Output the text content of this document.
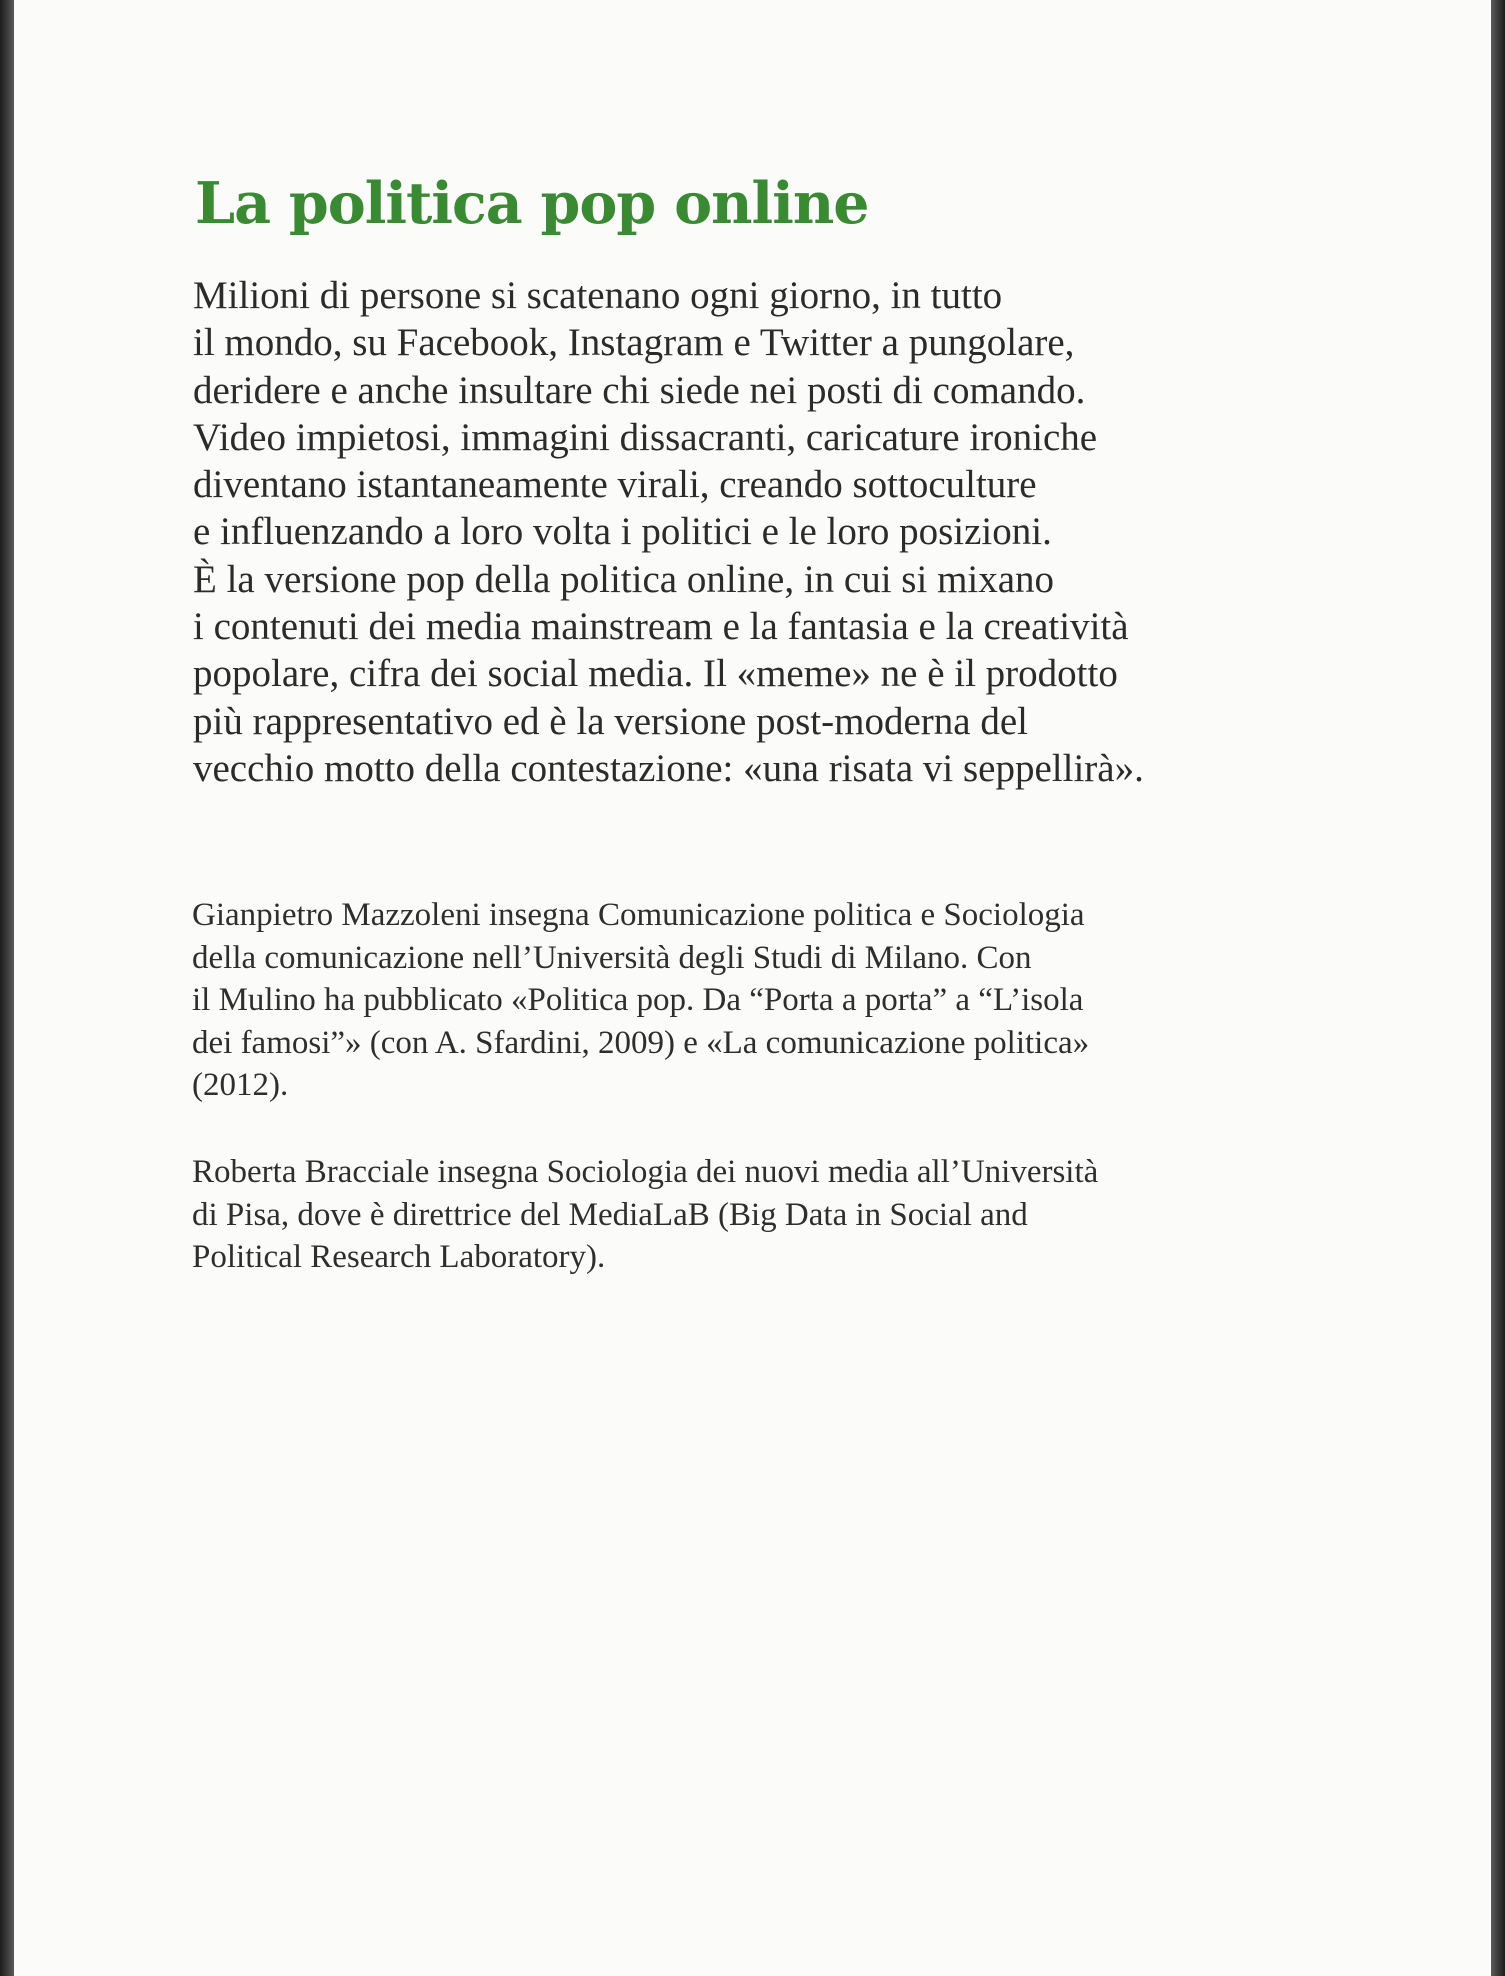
La politica pop online
Milioni di persone si scatenano ogni giorno, in tutto
il mondo, su Facebook, Instagram e Twitter a pungolare,
deridere e anche insultare chi siede nei posti di comando.
Video impietosi, immagini dissacranti, caricature ironiche
diventano istantaneamente virali, creando sottoculture
e influenzando a loro volta i politici e le loro posizioni.
È la versione pop della politica online, in cui si mixano
i contenuti dei media mainstream e la fantasia e la creatività
popolare, cifra dei social media. Il «meme» ne è il prodotto
più rappresentativo ed è la versione post-moderna del
vecchio motto della contestazione: «una risata vi seppellirà».
Gianpietro Mazzoleni insegna Comunicazione politica e Sociologia
della comunicazione nell’Università degli Studi di Milano. Con
il Mulino ha pubblicato «Politica pop. Da “Porta a porta” a “L’isola
dei famosi”» (con A. Sfardini, 2009) e «La comunicazione politica»
(2012).
Roberta Bracciale insegna Sociologia dei nuovi media all’Università
di Pisa, dove è direttrice del MediaLaB (Big Data in Social and
Political Research Laboratory).
